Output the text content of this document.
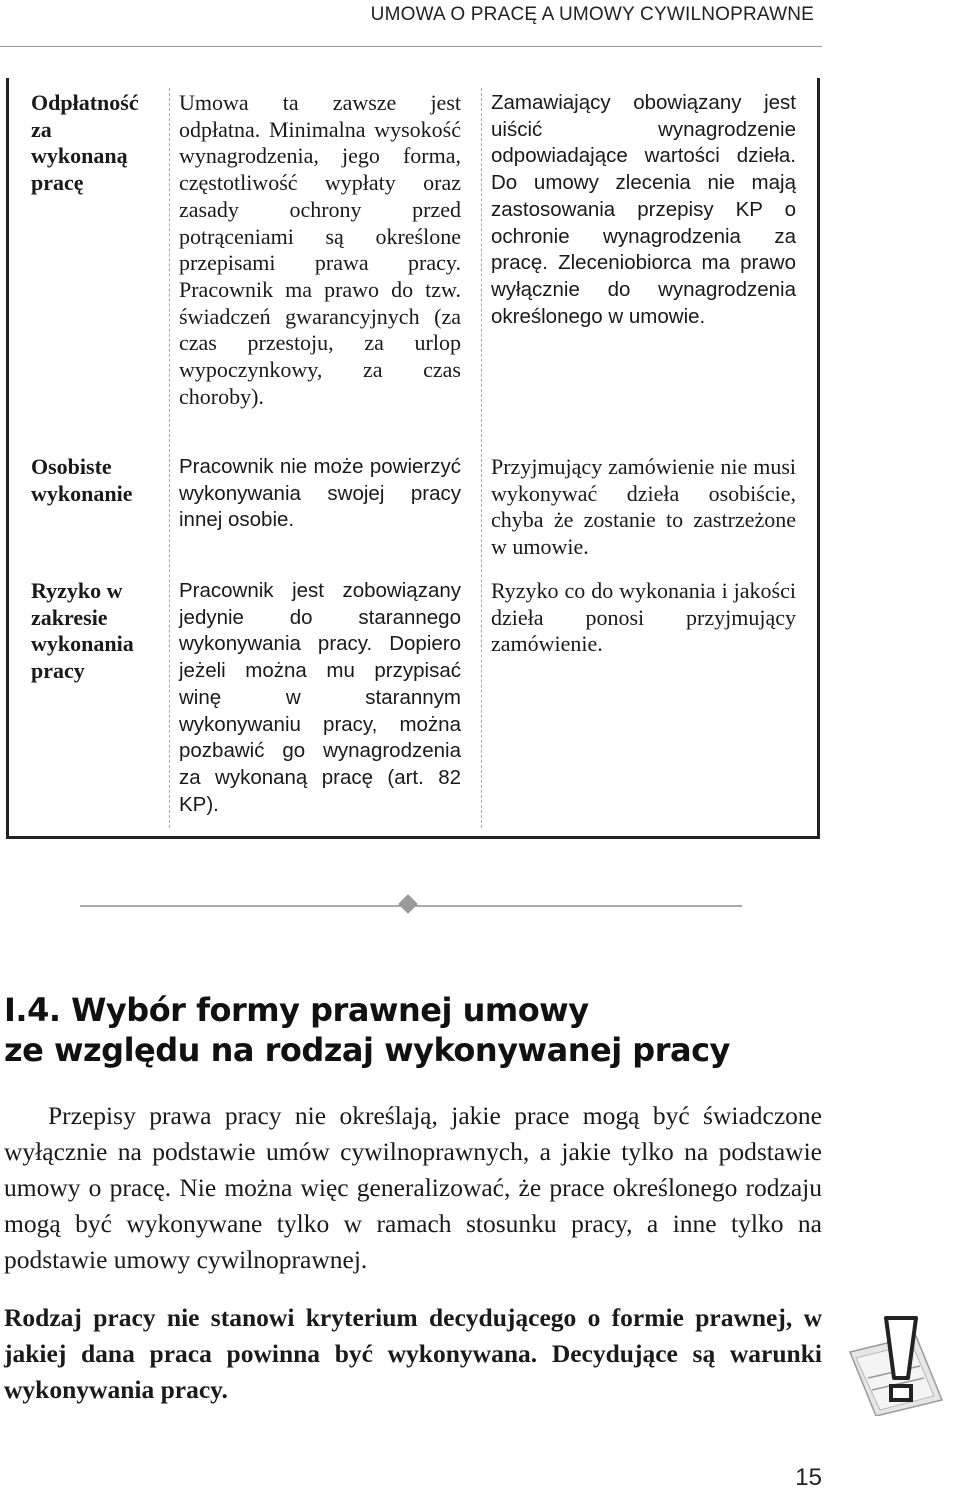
UMOWA O PRACĘ A UMOWY CYWILNOPRAWNE
Odpłatność za wykonaną pracę
Umowa ta zawsze jest odpłatna. Minimalna wysokość wynagrodzenia, jego forma, częstotliwość wypłaty oraz zasady ochrony przed potrąceniami są określone przepisami prawa pracy. Pracownik ma prawo do tzw. świadczeń gwarancyjnych (za czas przestoju, za urlop wypoczynkowy, za czas choroby).
Zamawiający obowiązany jest uiścić wynagrodzenie odpowiadające wartości dzieła. Do umowy zlecenia nie mają zastosowania przepisy KP o ochronie wynagrodzenia za pracę. Zleceniobiorca ma prawo wyłącznie do wynagrodzenia określonego w umowie.
Osobiste wykonanie
Pracownik nie może powierzyć wykonywania swojej pracy innej osobie.
Przyjmujący zamówienie nie musi wykonywać dzieła osobiście, chyba że zostanie to zastrzeżone w umowie.
Ryzyko w zakresie wykonania pracy
Pracownik jest zobowiązany jedynie do starannego wykonywania pracy. Dopiero jeżeli można mu przypisać winę w starannym wykonywaniu pracy, można pozbawić go wynagrodzenia za wykonaną pracę (art. 82 KP).
Ryzyko co do wykonania i jakości dzieła ponosi przyjmujący zamówienie.
I.4. Wybór formy prawnej umowy
ze względu na rodzaj wykonywanej pracy
Przepisy prawa pracy nie określają, jakie prace mogą być świadczone wyłącznie na podstawie umów cywilnoprawnych, a jakie tylko na podstawie umowy o pracę. Nie można więc generalizować, że prace określonego rodzaju mogą być wykonywane tylko w ramach stosunku pracy, a inne tylko na podstawie umowy cywilnoprawnej.
Rodzaj pracy nie stanowi kryterium decydującego o formie prawnej, w jakiej dana praca powinna być wykonywana. Decydujące są warunki wykonywania pracy.
15
